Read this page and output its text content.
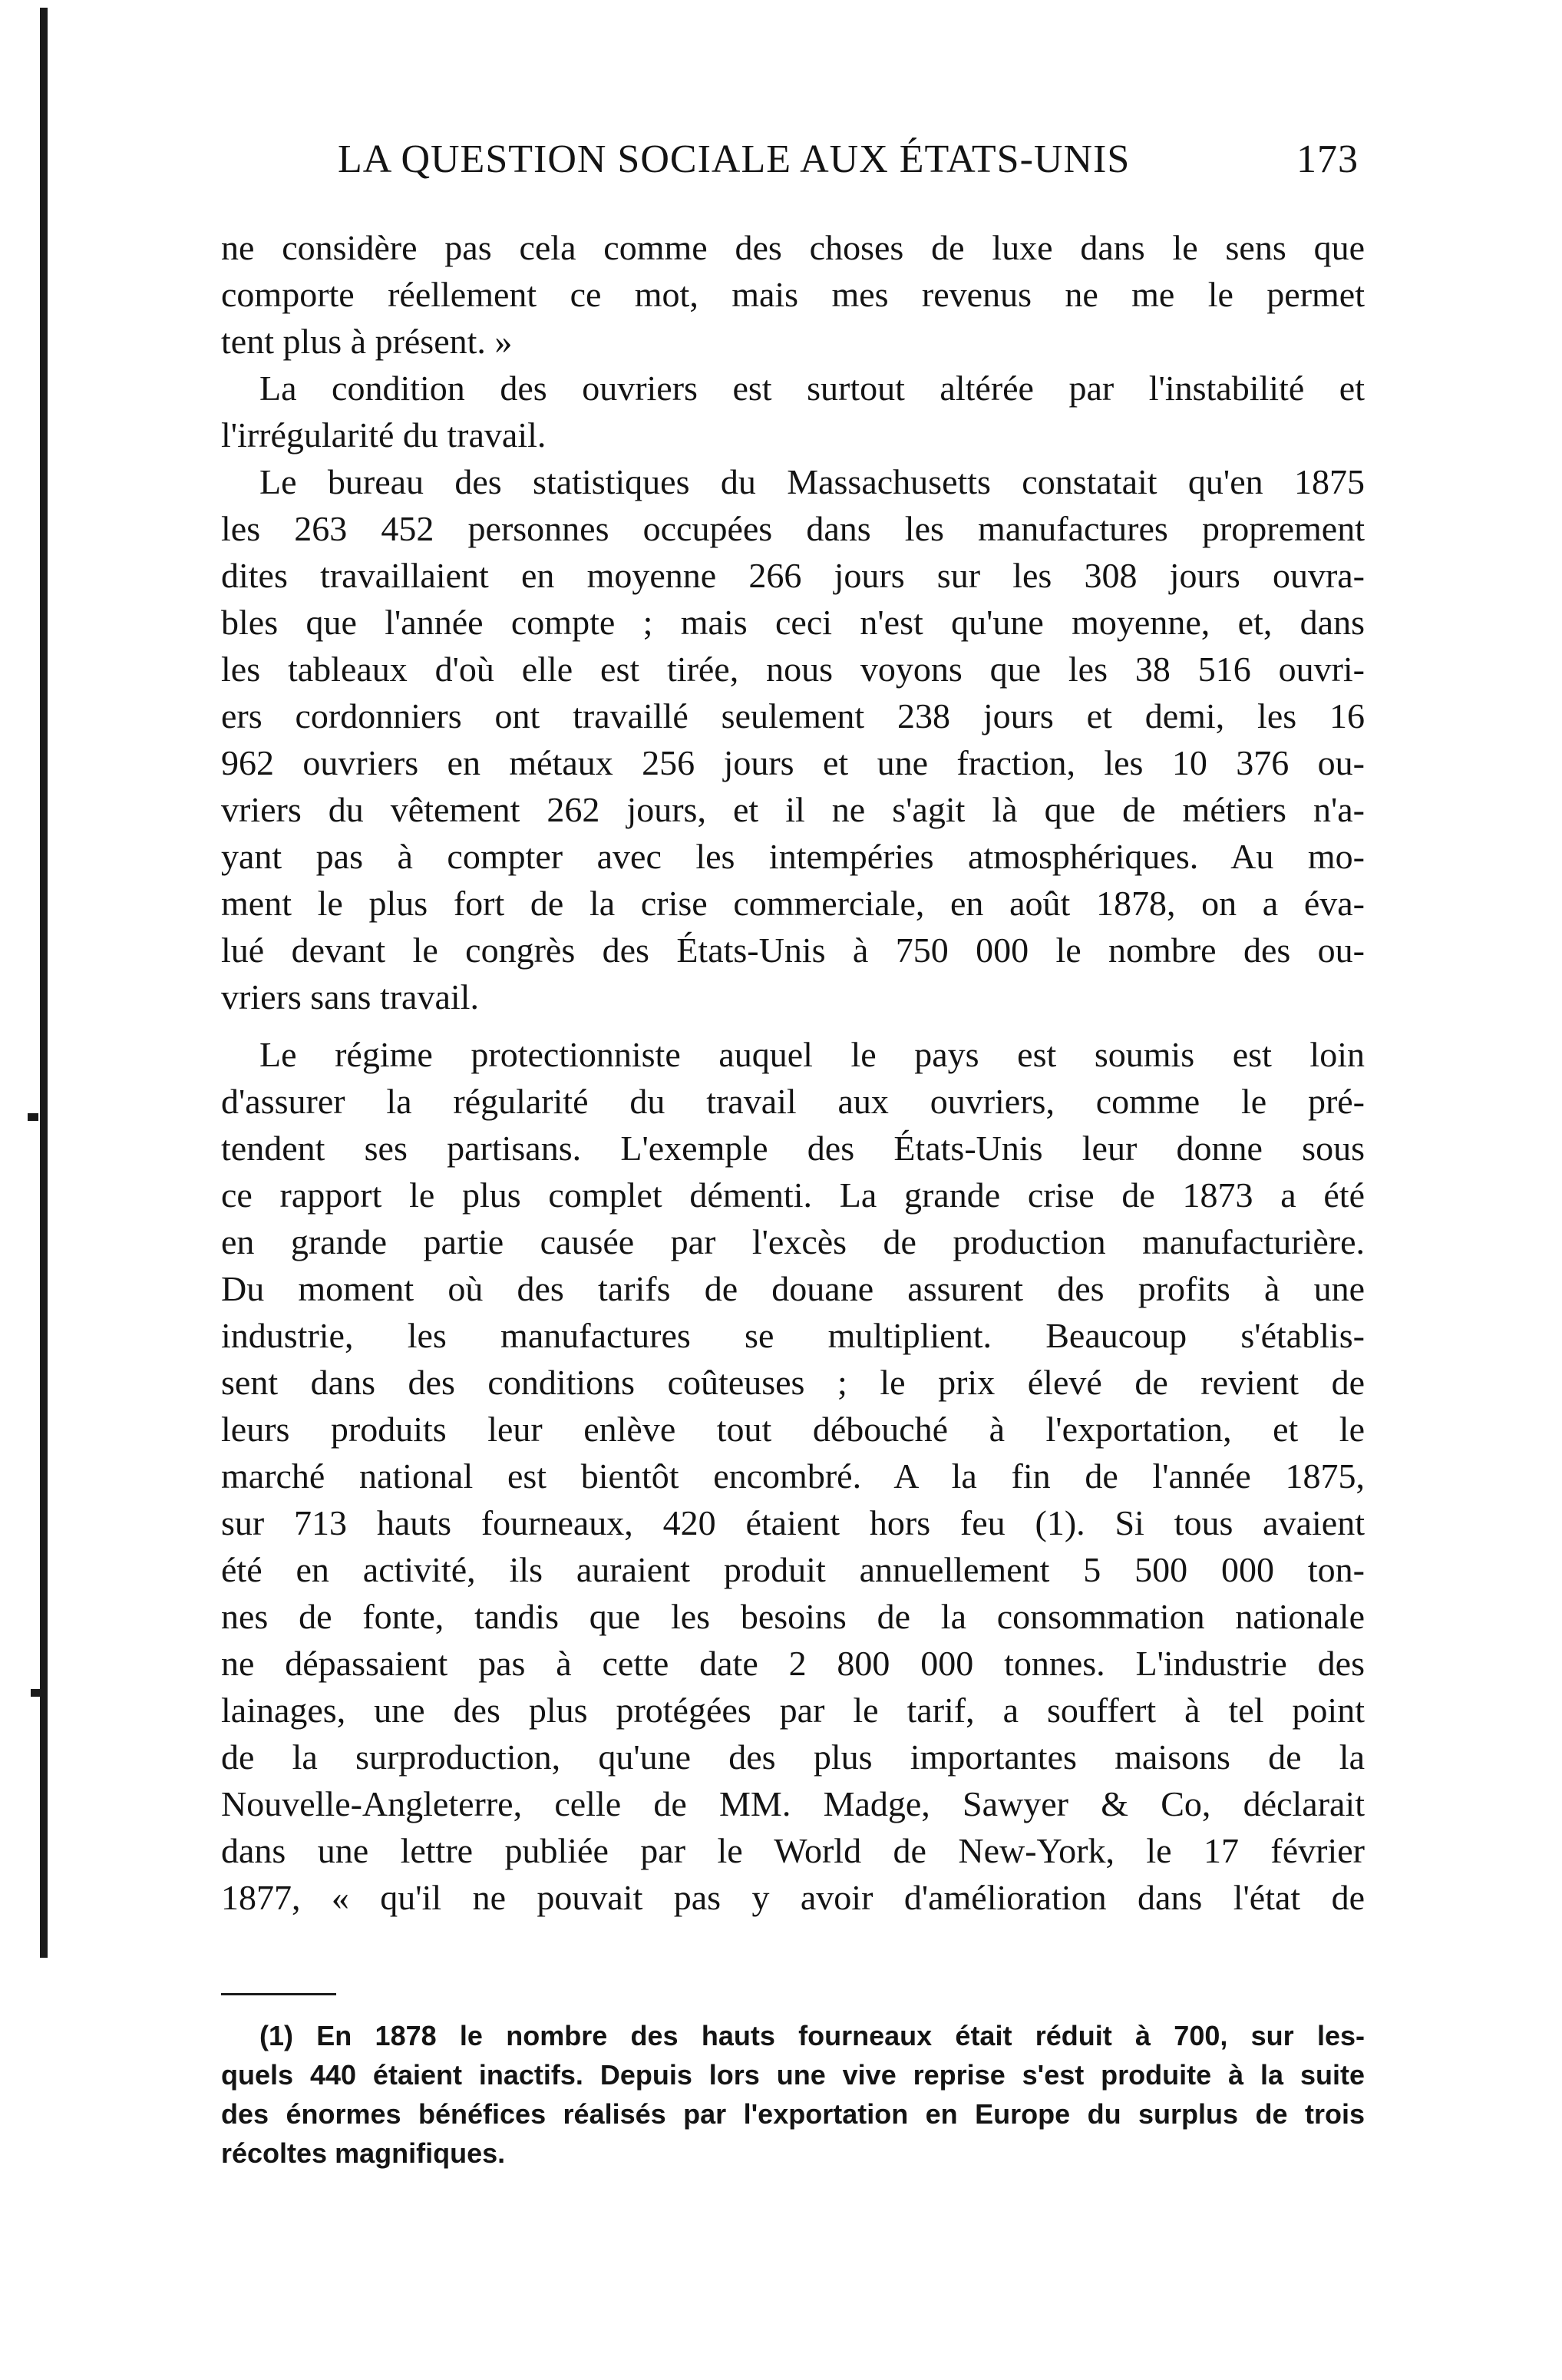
LA QUESTION SOCIALE AUX ÉTATS-UNIS	173
ne considère pas cela comme des choses de luxe dans le sens que
comporte réellement ce mot, mais mes revenus ne me le permet
tent plus à présent. »
La condition des ouvriers est surtout altérée par l'instabilité et
l'irrégularité du travail.
Le bureau des statistiques du Massachusetts constatait qu'en 1875
les 263 452 personnes occupées dans les manufactures proprement
dites travaillaient en moyenne 266 jours sur les 308 jours ouvra-
bles que l'année compte ; mais ceci n'est qu'une moyenne, et, dans
les tableaux d'où elle est tirée, nous voyons que les 38 516 ouvri-
ers cordonniers ont travaillé seulement 238 jours et demi, les 16
962 ouvriers en métaux 256 jours et une fraction, les 10 376 ou-
vriers du vêtement 262 jours, et il ne s'agit là que de métiers n'a-
yant pas à compter avec les intempéries atmosphériques. Au mo-
ment le plus fort de la crise commerciale, en août 1878, on a éva-
lué devant le congrès des États-Unis à 750 000 le nombre des ou-
vriers sans travail.
Le régime protectionniste auquel le pays est soumis est loin
d'assurer la régularité du travail aux ouvriers, comme le pré-
tendent ses partisans. L'exemple des États-Unis leur donne sous
ce rapport le plus complet démenti. La grande crise de 1873 a été
en grande partie causée par l'excès de production manufacturière.
Du moment où des tarifs de douane assurent des profits à une
industrie, les manufactures se multiplient. Beaucoup s'établis-
sent dans des conditions coûteuses ; le prix élevé de revient de
leurs produits leur enlève tout débouché à l'exportation, et le
marché national est bientôt encombré. A la fin de l'année 1875,
sur 713 hauts fourneaux, 420 étaient hors feu (1). Si tous avaient
été en activité, ils auraient produit annuellement 5 500 000 ton-
nes de fonte, tandis que les besoins de la consommation nationale
ne dépassaient pas à cette date 2 800 000 tonnes. L'industrie des
lainages, une des plus protégées par le tarif, a souffert à tel point
de la surproduction, qu'une des plus importantes maisons de la
Nouvelle-Angleterre, celle de MM. Madge, Sawyer & Co, déclarait
dans une lettre publiée par le World de New-York, le 17 février
1877, « qu'il ne pouvait pas y avoir d'amélioration dans l'état de
(1) En 1878 le nombre des hauts fourneaux était réduit à 700, sur les-
quels 440 étaient inactifs. Depuis lors une vive reprise s'est produite à la suite
des énormes bénéfices réalisés par l'exportation en Europe du surplus de trois
récoltes magnifiques.
